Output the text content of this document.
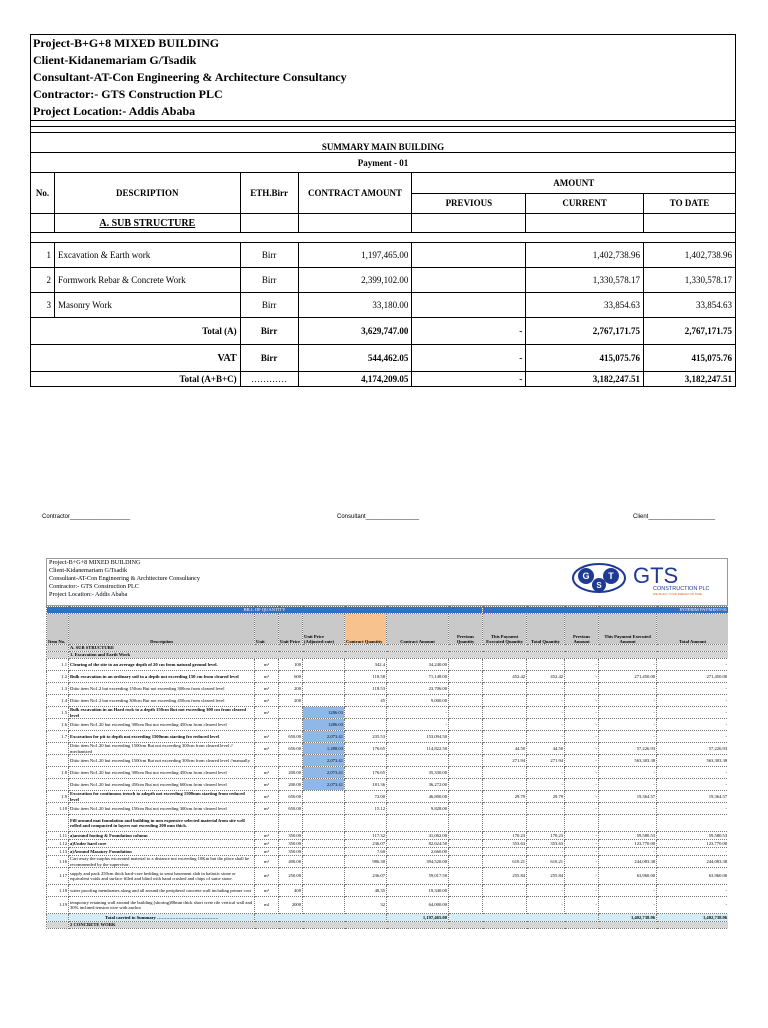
Project-B+G+8 MIXED BUILDING						
Client-Kidanemariam G/Tsadik						
Consultant-AT-Con Engineering & Architecture Consultancy						
Contractor:- GTS Construction PLC						
Project Location:- Addis Ababa						

SUMMARY MAIN BUILDING						
Payment - 01						
No.	DESCRIPTION	ETH.Birr	CONTRACT AMOUNT	AMOUNT		
				PREVIOUS	CURRENT	TO DATE
	A. SUB STRUCTURE					

1	Excavation & Earth work	Birr	1,197,465.00		1,402,738.96	1,402,738.96
2	Formwork Rebar & Concrete Work	Birr	2,399,102.00		1,330,578.17	1,330,578.17
3	Masonry Work	Birr	33,180.00		33,854.63	33,854.63
Total (A)		Birr	3,629,747.00	-	2,767,171.75	2,767,171.75
VAT		Birr	544,462.05	-	415,075.76	415,075.76
Total (A+B+C)		…………	4,174,209.05	-	3,182,247.51	3,182,247.51
Contractor__________________	Consultant________________	Client____________________
Project-B+G+8 MIXED BUILDING
Client-Kidanemariam G/Tsadik
Consultant-AT-Con Engineering & Architecture Consultancy
Contractor:- GTS Construction PLC
Project Location:- Addis Ababa
G T
S GTS
CONSTRUCTION PLC
WE BUILD YOUR DREAM ON TIME
BILL OF QUANTITY								INTERIM PAYMENT-01				
Item No.	Description	Unit	Unit Price	Unit Price (Adjusted rate)	Contract Quantity	Contract Amount	Previous Quantity	This Payment Executed Quantity	Total Quantity	Previous Amount	This Payment Executed Amount	Total Amount
	A. SUB STRUCTURE											
	1. Excavation and Earth Work											
1.1	Clearing of the site to an average depth of 20 cm from natural ground level.	m²	100		342.4	34,240.00			-	-	-	-
1.2	Bulk excavation in an ordinary soil to a depth not exceeding 150 cm from cleared level	m³	600		118.58	71,148.00		452.42	452.42	-	271,450.00	271,450.00
1.3	Ditto item No1.2 but exceeding 150cm But not exceeding 300cm from cleared level	m³	200		118.53	23,706.00			-	-	-	-
1.4	Ditto item No1.2 but exceeding 300cm But not exceeding 450cm from cleared level	m³	200		45	9,000.00			-	-	-	-
1.5	Bulk excavation in an Hard rock to a depth 150cm But not exceeding 300 cm from cleared level	m³		1286.03		-			-	-	-	-
1.6	Ditto item No1.20 but exceeding 300cm But not exceeding 450cm from cleared level			1286.03		-			-	-	-	-
1.7	Excavation for pit to depth not exceeding 1500mm starting fro reduced level	m³	650.00	2,073.41	235.53	153,094.50			-	-	-	-
	Ditto item No1.20 but exceeding 1500cm But not exceeding 300cm from cleared level // mechanized	m³	650.00	1,288.03	176.65	114,822.50		44.50	44.50	-	57,226.93	57,226.93
	Ditto item No1.20 but exceeding 1500cm But not exceeding 300cm from cleared level //manually			2,073.41				271.94	271.94	-	563,303.38	563,303.38
1.8	Ditto item No1.20 but exceeding 300cm But not exceeding 450cm from cleared level	m³	200.00	2,073.41	176.65	35,330.00			-	-	-	-
	Ditto item No1.20 but exceeding 450cm But not exceeding 600cm from cleared level	m³	200.00	2,073.41	181.36	36,272.00			-	-	-	-
1.9	Excavation for continuous trench to adepth not exceeding 1500mm starting from reduced level	m³	650.00		72.00	46,800.00		29.79	29.79	-	19,364.57	19,364.57
1.10	Ditto item No1.20 but exceeding 150cm But not exceeding 300cm from cleared level	m³	650.00		15.12	9,828.00			-	-	-	-
	Fill around mat foundation and building in non expensive selected material from site well rolled and compacted in layers not exceeding 200 mm thick.											
1.11	a)around footing & Foundation column	m³	350.00		117.32	41,062.00		170.23	170.23	-	59,580.53	59,580.53
1.12	a)Under hard core	m³	350.00		236.07	82,624.50		353.63	353.63	-	123,770.00	123,770.00
1.13	a)Around Masonry Foundation	m³	350.00		7.60	2,660.00			-	-	-	-
1.16	Cart away the surplus excavated material to a distance not exceeding 10Km but the place shall be recommended by the supervisor.	m³	400.00		986.30	394,520.00		610.21	610.21	-	244,083.38	244,083.38
1.17	supply and pack 250cm thick hard-core bedding to semi basement slab in balastic stone or equivalent voids and surface filled and blind with hand crushed and chips of same stone.	m²	250.00		236.07	59,017.50		255.84	255.84	-	63,960.00	63,960.00
1.18	water proofing membranes along and all around the peripheral concrete wall including primer cost	m²	400		48.35	19,340.00			-	-	-	-
1.19	temporary retaining wall around the building (shoring)80mm thick short crete rile vertical wall and 30% inclined tension wire with anchor	ml	2000		32	64,000.00			-	-	-	-
	Total carried to Summary ………………………………….					1,197,465.00					1,402,738.96	1,402,738.96
	2 CONCRETE WORK											
